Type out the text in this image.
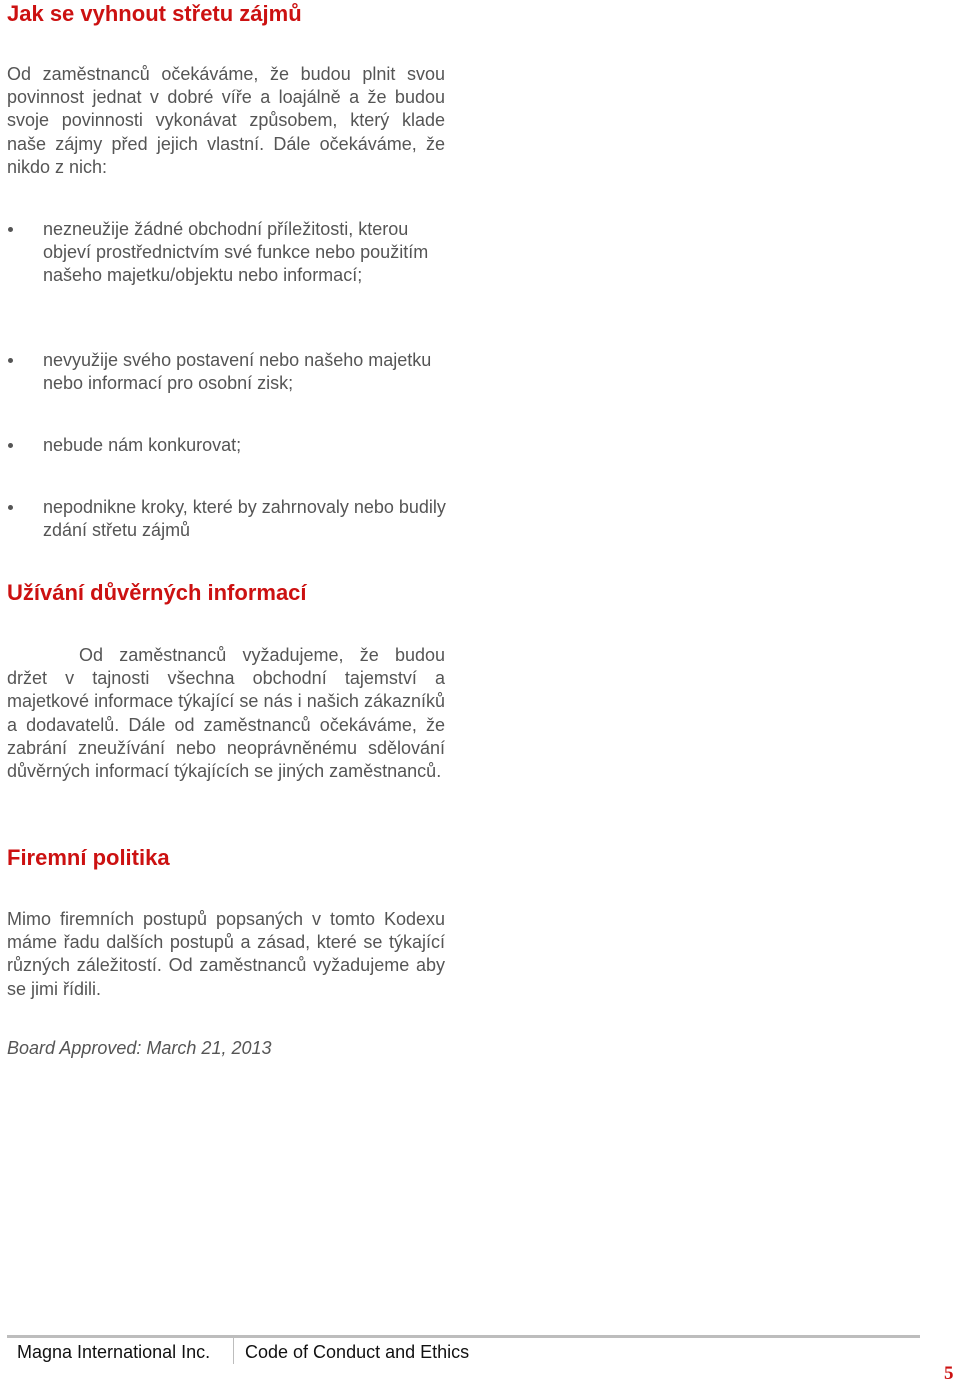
Jak se vyhnout střetu zájmů

Od zaměstnanců očekáváme, že budou plnit svou povinnost jednat v dobré víře a loajálně a že budou svoje povinnosti vykonávat způsobem, který klade naše zájmy před jejich vlastní. Dále očekáváme, že nikdo z nich:

nezneužije žádné obchodní příležitosti, kterou objeví prostřednictvím své funkce nebo použitím našeho majetku/objektu nebo informací;
nevyužije svého postavení nebo našeho majetku nebo informací pro osobní zisk;
nebude nám konkurovat;
nepodnikne kroky, které by zahrnovaly nebo budily zdání střetu zájmů
Užívání důvěrných informací

Od zaměstnanců vyžadujeme, že budou držet v tajnosti všechna obchodní tajemství a majetkové informace týkající se nás i našich zákazníků a dodavatelů. Dále od zaměstnanců očekáváme, že zabrání zneužívání nebo neoprávněnému sdělování důvěrných informací týkajících se jiných zaměstnanců.

Firemní politika

Mimo firemních postupů popsaných v tomto Kodexu máme řadu dalších postupů a zásad, které se týkající různých záležitostí. Od zaměstnanců vyžadujeme aby se jimi řídili.

Board Approved: March 21, 2013
Magna International Inc. Code of Conduct and Ethics
5
